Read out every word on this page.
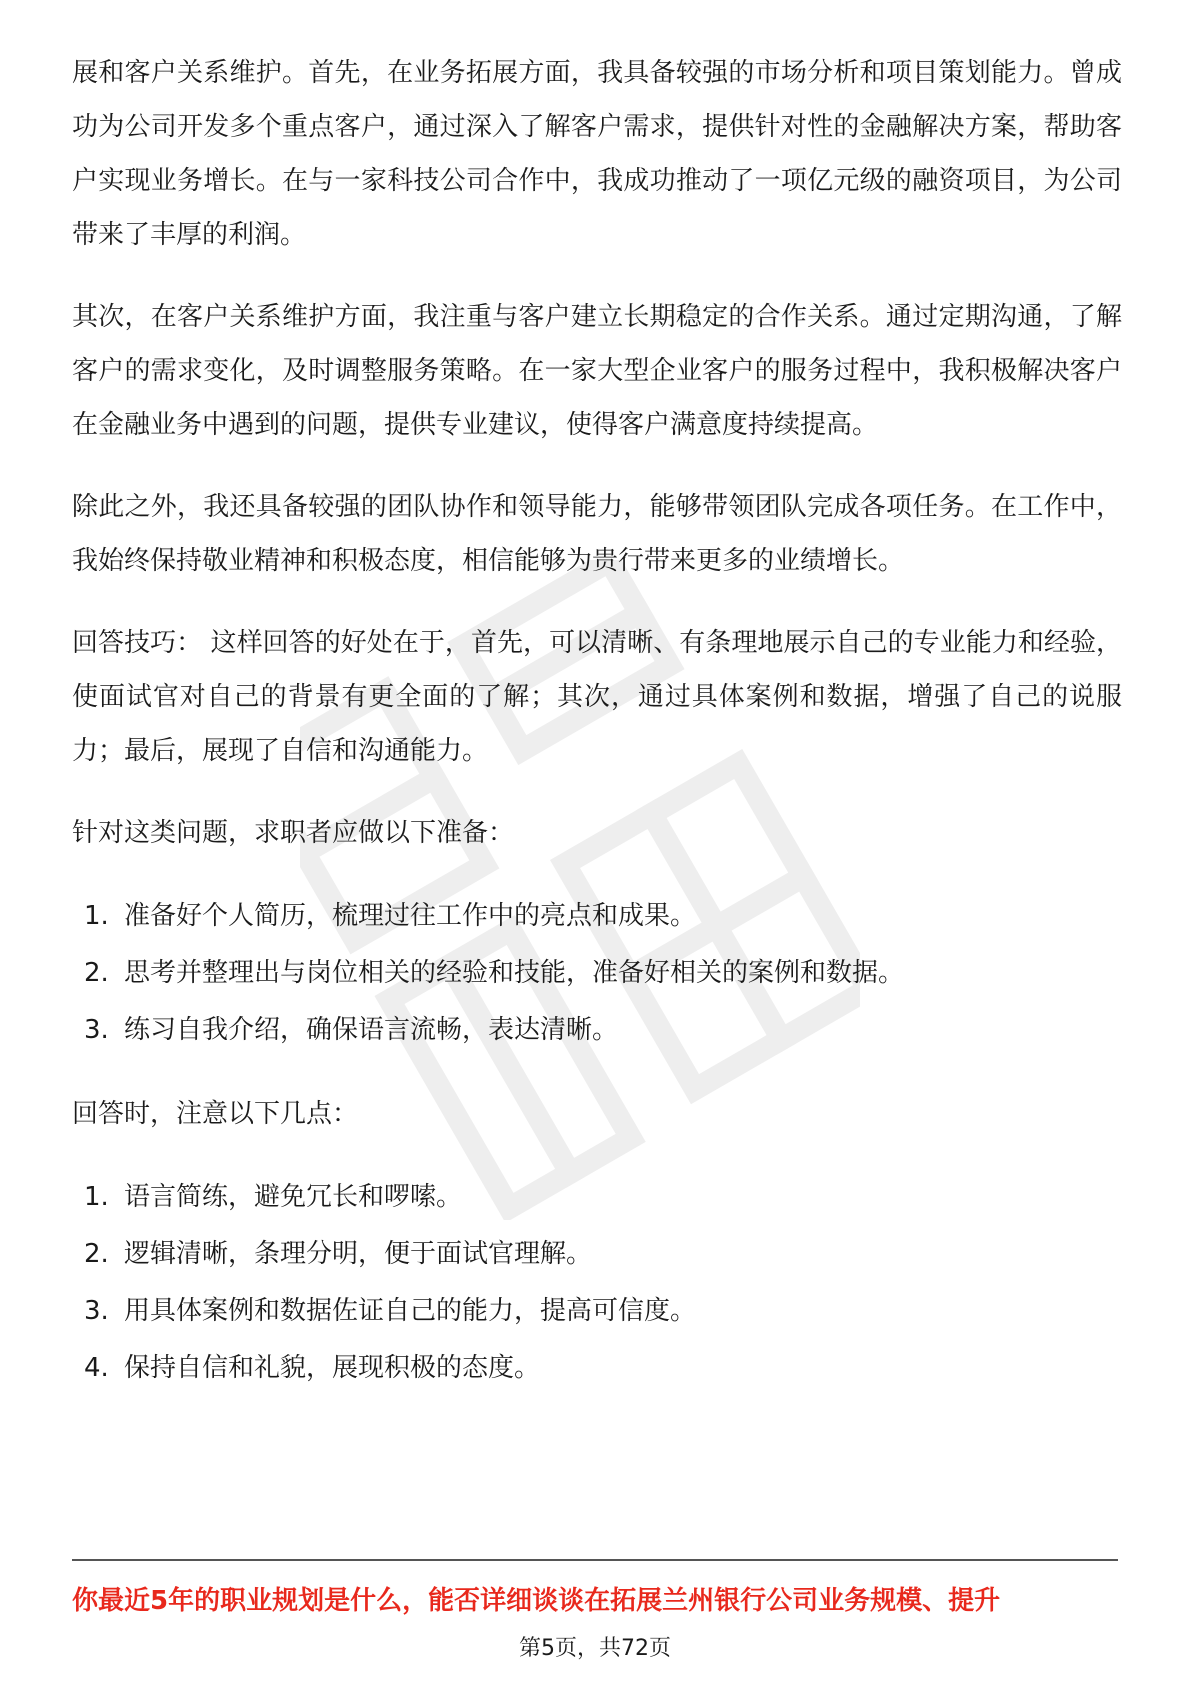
展和客户关系维护。首先，在业务拓展方面，我具备较强的市场分析和项目策划能力。曾成功为公司开发多个重点客户，通过深入了解客户需求，提供针对性的金融解决方案，帮助客户实现业务增长。在与一家科技公司合作中，我成功推动了一项亿元级的融资项目，为公司带来了丰厚的利润。

其次，在客户关系维护方面，我注重与客户建立长期稳定的合作关系。通过定期沟通，了解客户的需求变化，及时调整服务策略。在一家大型企业客户的服务过程中，我积极解决客户在金融业务中遇到的问题，提供专业建议，使得客户满意度持续提高。

除此之外，我还具备较强的团队协作和领导能力，能够带领团队完成各项任务。在工作中，我始终保持敬业精神和积极态度，相信能够为贵行带来更多的业绩增长。

回答技巧： 这样回答的好处在于，首先，可以清晰、有条理地展示自己的专业能力和经验，使面试官对自己的背景有更全面的了解；其次，通过具体案例和数据，增强了自己的说服力；最后，展现了自信和沟通能力。

针对这类问题，求职者应做以下准备：

1. 准备好个人简历，梳理过往工作中的亮点和成果。
2. 思考并整理出与岗位相关的经验和技能，准备好相关的案例和数据。
3. 练习自我介绍，确保语言流畅，表达清晰。

回答时，注意以下几点：

1. 语言简练，避免冗长和啰嗦。
2. 逻辑清晰，条理分明，便于面试官理解。
3. 用具体案例和数据佐证自己的能力，提高可信度。
4. 保持自信和礼貌，展现积极的态度。
你最近5年的职业规划是什么，能否详细谈谈在拓展兰州银行公司业务规模、提升
第5页，共72页
